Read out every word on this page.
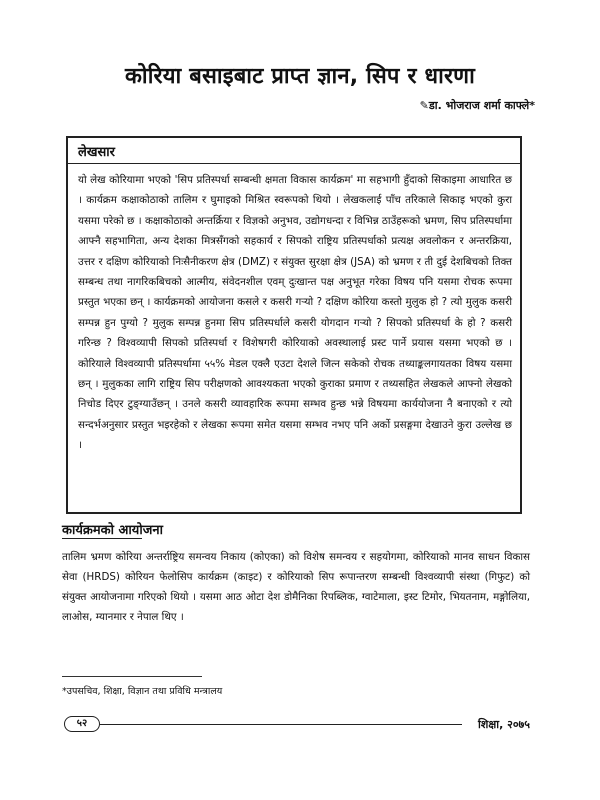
कोरिया बसाइबाट प्राप्त ज्ञान, सिप र धारणा
✎डा. भोजराज शर्मा काफ्ले*
लेखसार
यो लेख कोरियामा भएको 'सिप प्रतिस्पर्धा सम्बन्धी क्षमता विकास कार्यक्रम' मा सहभागी हुँदाको सिकाइमा आधारित छ । कार्यक्रम कक्षाकोठाको तालिम र घुमाइको मिश्रित स्वरूपको थियो । लेखकलाई पाँच तरिकाले सिकाइ भएको कुरा यसमा परेको छ । कक्षाकोठाको अन्तर्क्रिया र विज्ञको अनुभव, उद्योगधन्दा र विभिन्न ठाउँहरूको भ्रमण, सिप प्रतिस्पर्धामा आफ्नै सहभागिता, अन्य देशका मित्रसँगको सहकार्य र सिपको राष्ट्रिय प्रतिस्पर्धाको प्रत्यक्ष अवलोकन र अन्तरक्रिया, उत्तर र दक्षिण कोरियाको निःसैनीकरण क्षेत्र (DMZ) र संयुक्त सुरक्षा क्षेत्र (JSA) को भ्रमण र ती दुई देशबिचको तिक्त सम्बन्ध तथा नागरिकबिचको आत्मीय, संवेदनशील एवम् दुःखान्त पक्ष अनुभूत गरेका विषय पनि यसमा रोचक रूपमा प्रस्तुत भएका छन् । कार्यक्रमको आयोजना कसले र कसरी गऱ्यो ? दक्षिण कोरिया कस्तो मुलुक हो ? त्यो मुलुक कसरी सम्पन्न हुन पुग्यो ? मुलुक सम्पन्न हुनमा सिप प्रतिस्पर्धाले कसरी योगदान गऱ्यो ? सिपको प्रतिस्पर्धा के हो ? कसरी गरिन्छ ? विश्वव्यापी सिपको प्रतिस्पर्धा र विशेषगरी कोरियाको अवस्थालाई प्रस्ट पार्ने प्रयास यसमा भएको छ । कोरियाले विश्वव्यापी प्रतिस्पर्धामा ५५% मेडल एक्लै एउटा देशले जित्न सकेको रोचक तथ्याङ्कलगायतका विषय यसमा छन् । मुलुकका लागि राष्ट्रिय सिप परीक्षणको आवश्यकता भएको कुराका प्रमाण र तथ्यसहित लेखकले आफ्नो लेखको निचोड दिएर टुङ्ग्याउँछन् । उनले कसरी व्यावहारिक रूपमा सम्भव हुन्छ भन्ने विषयमा कार्ययोजना नै बनाएको र त्यो सन्दर्भअनुसार प्रस्तुत भइरहेको र लेखका रूपमा समेत यसमा सम्भव नभए पनि अर्को प्रसङ्गमा देखाउने कुरा उल्लेख छ ।
कार्यक्रमको आयोजना
तालिम भ्रमण कोरिया अन्तर्राष्ट्रिय समन्वय निकाय (कोएका) को विशेष समन्वय र सहयोगमा, कोरियाको मानव साधन विकास सेवा (HRDS) कोरियन फेलोसिप कार्यक्रम (काइट) र कोरियाको सिप रूपान्तरण सम्बन्धी विश्वव्यापी संस्था (गिफुट) को संयुक्त आयोजनामा गरिएको थियो । यसमा आठ ओटा देश डोमैनिका रिपब्लिक, ग्वाटेमाला, इस्ट टिमोर, भियतनाम, मङ्गोलिया, लाओस, म्यानमार र नेपाल थिए ।
*उपसचिव, शिक्षा, विज्ञान तथा प्रविधि मन्त्रालय
५२	शिक्षा, २०७५
